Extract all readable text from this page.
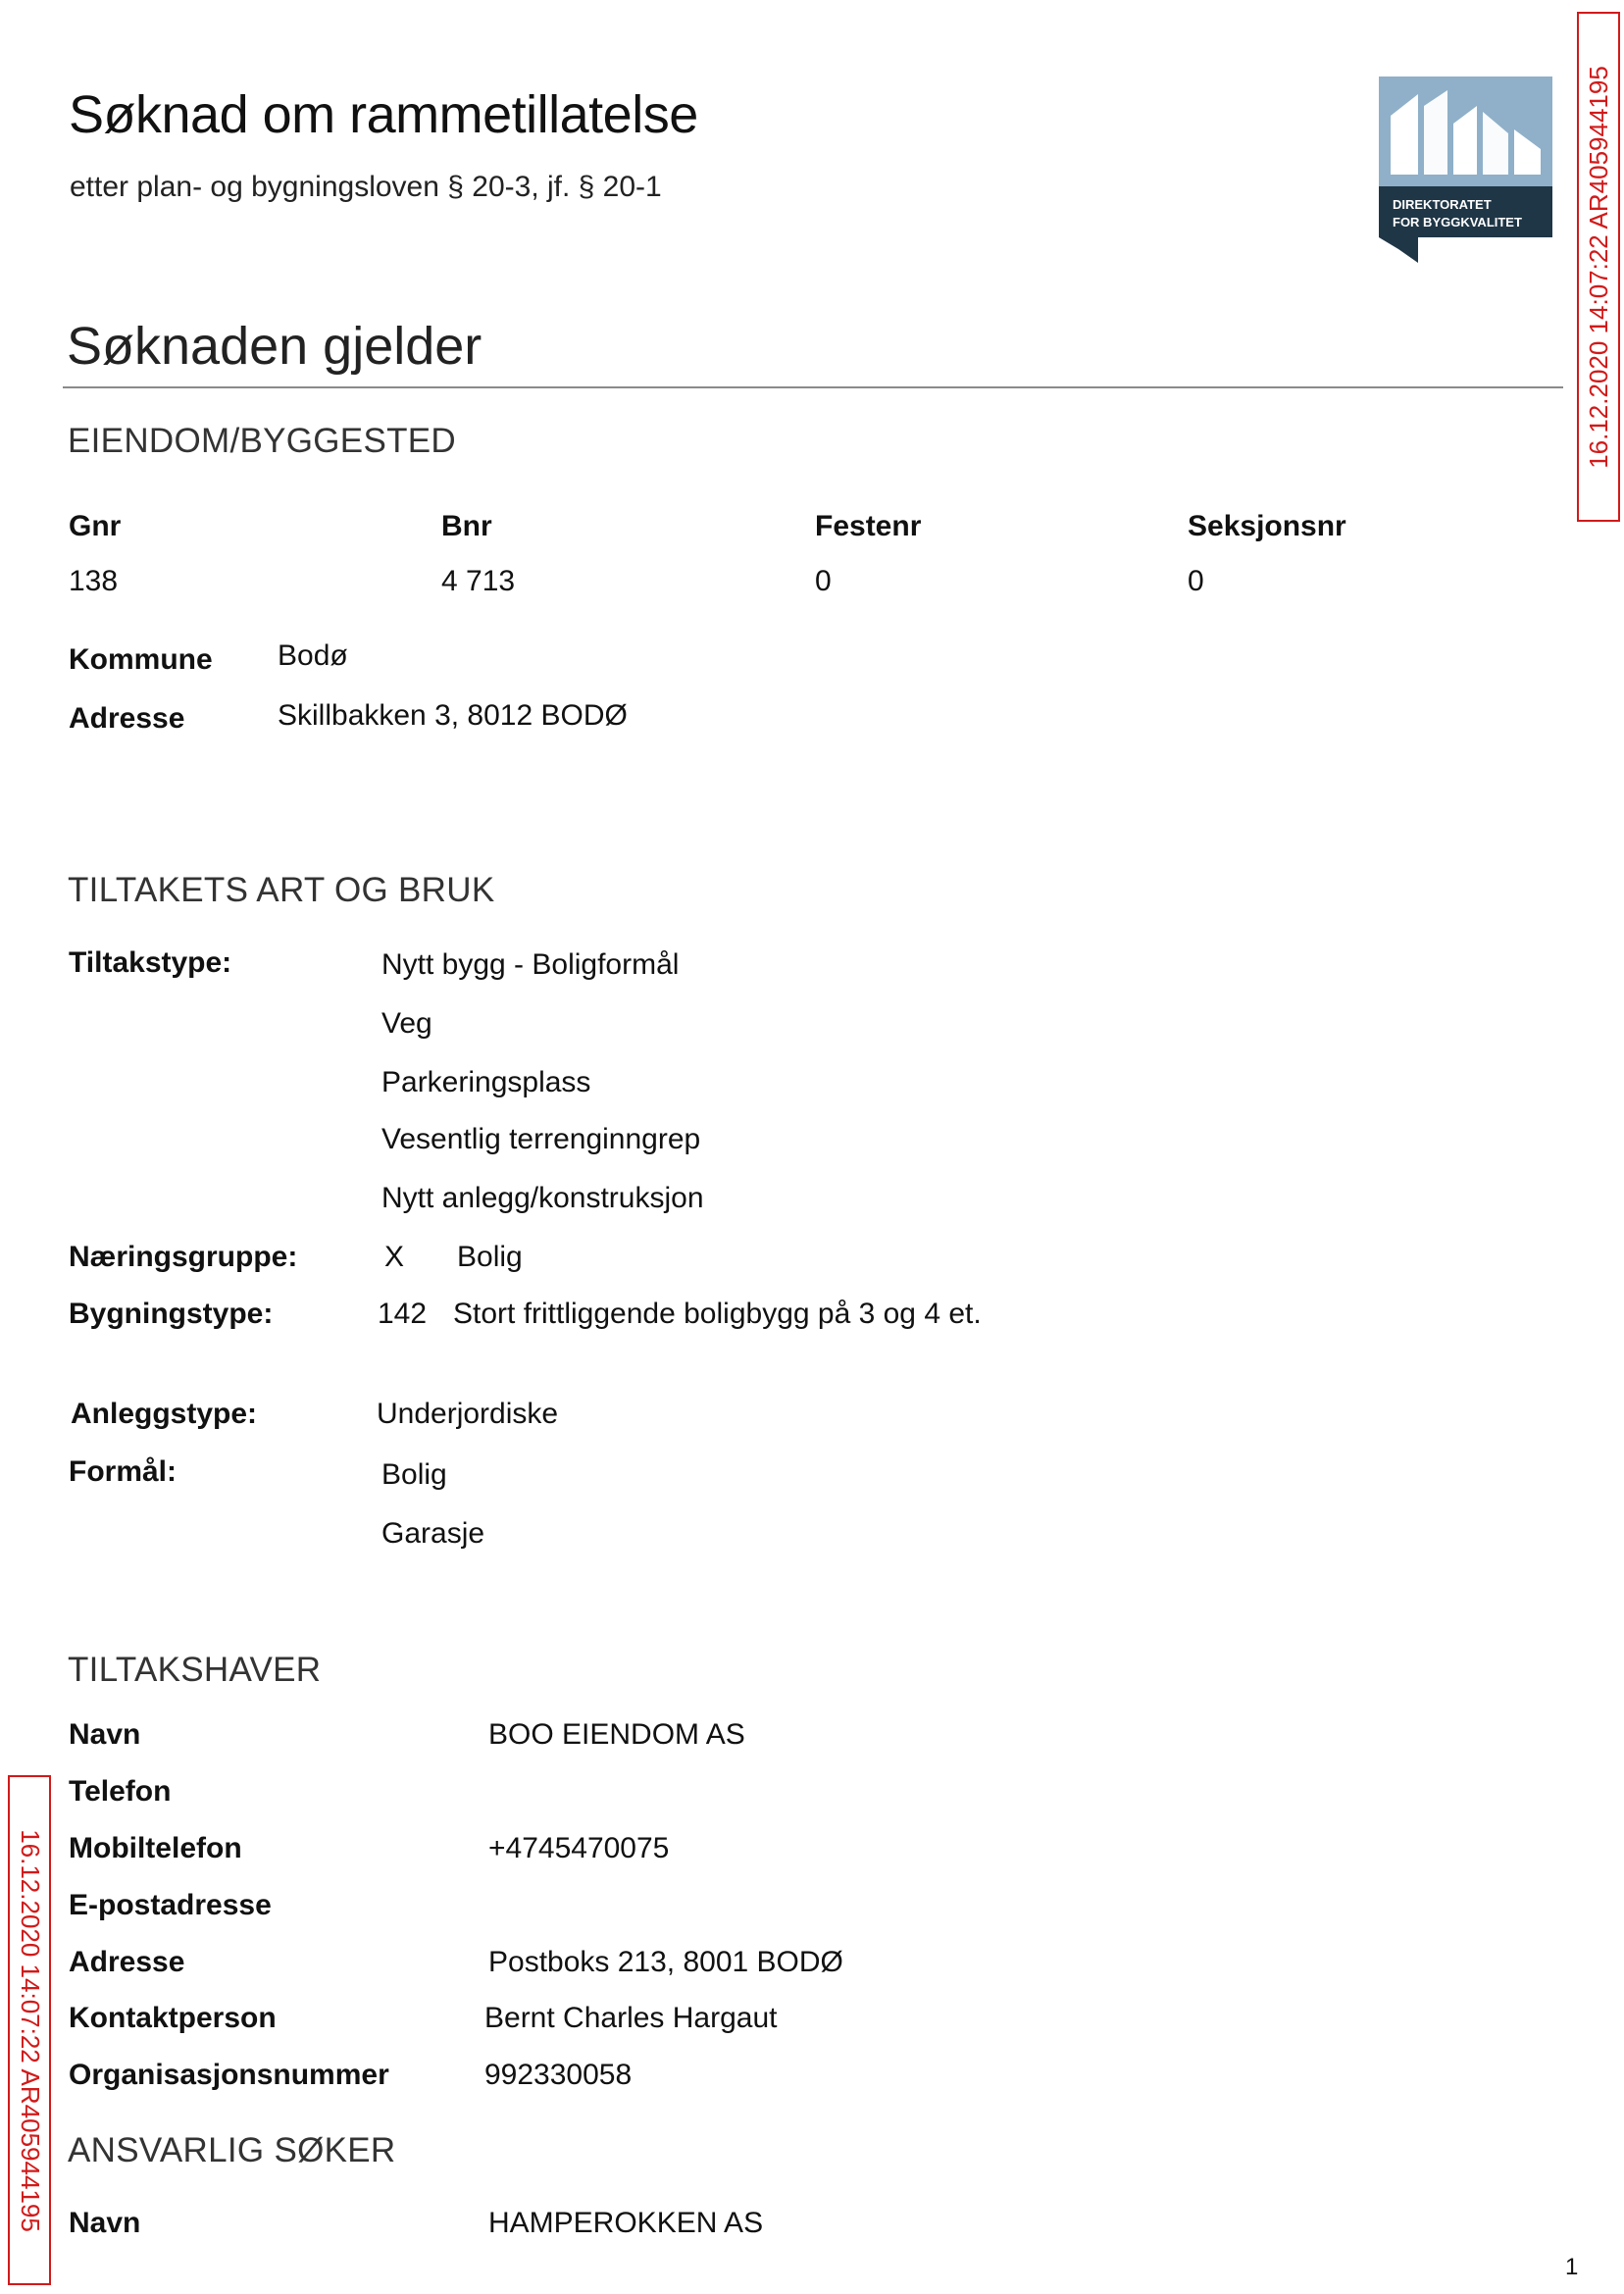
Søknad om rammetillatelse
etter plan- og bygningsloven § 20-3, jf. § 20-1
DIREKTORATET
FOR BYGGKVALITET 16.12.2020 14:07:22 AR405944195
16.12.2020 14:07:22 AR405944195
Søknaden gjelder
EIENDOM/BYGGESTED
Gnr	Bnr	Festenr	Seksjonsnr
138	4 713	0	0
Kommune Bodø
Adresse	Skillbakken 3, 8012 BODØ
TILTAKETS ART OG BRUK
Tiltakstype:	Nytt bygg - Boligformål
Veg
Parkeringsplass
Vesentlig terrenginngrep
Nytt anlegg/konstruksjon
Næringsgruppe:	X Bolig
Bygningstype:	142 Stort frittliggende boligbygg på 3 og 4 et.
Anleggstype:	Underjordiske
Formål:	Bolig
Garasje
TILTAKSHAVER
Navn	BOO EIENDOM AS
Telefon
Mobiltelefon	+4745470075
E-postadresse
Adresse	Postboks 213, 8001 BODØ
Kontaktperson	Bernt Charles Hargaut
Organisasjonsnummer	992330058
ANSVARLIG SØKER
Navn	HAMPEROKKEN AS
1
